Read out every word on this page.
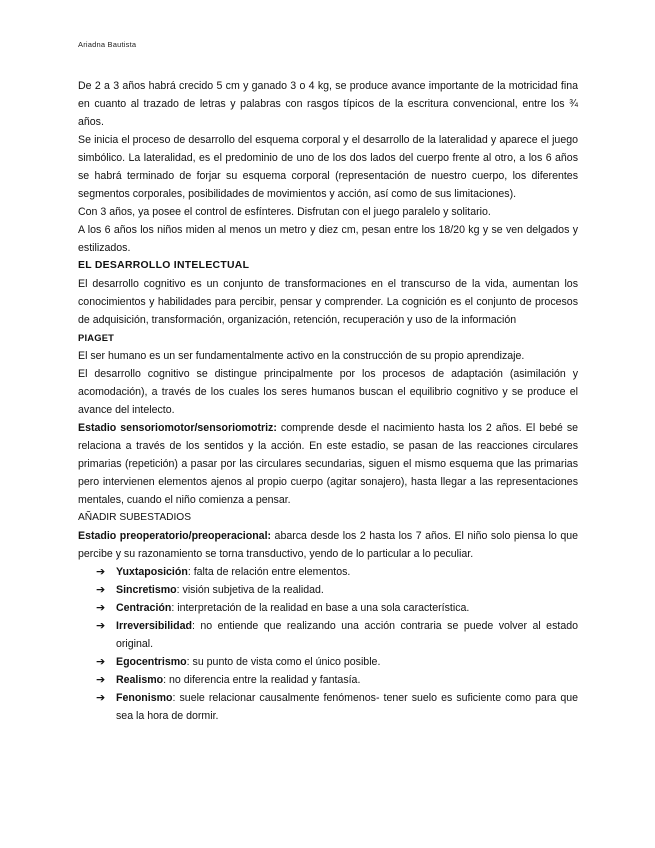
Ariadna Bautista

De 2 a 3 años habrá crecido 5 cm y ganado 3 o 4 kg, se produce avance importante de la motricidad fina en cuanto al trazado de letras y palabras con rasgos típicos de la escritura convencional, entre los ¾ años.

Se inicia el proceso de desarrollo del esquema corporal y el desarrollo de la lateralidad y aparece el juego simbólico. La lateralidad, es el predominio de uno de los dos lados del cuerpo frente al otro, a los 6 años se habrá terminado de forjar su esquema corporal (representación de nuestro cuerpo, los diferentes segmentos corporales, posibilidades de movimientos y acción, así como de sus limitaciones).

Con 3 años, ya posee el control de esfínteres. Disfrutan con el juego paralelo y solitario.

A los 6 años los niños miden al menos un metro y diez cm, pesan entre los 18/20 kg y se ven delgados y estilizados.

EL DESARROLLO INTELECTUAL

El desarrollo cognitivo es un conjunto de transformaciones en el transcurso de la vida, aumentan los conocimientos y habilidades para percibir, pensar y comprender. La cognición es el conjunto de procesos de adquisición, transformación, organización, retención, recuperación y uso de la información

PIAGET

El ser humano es un ser fundamentalmente activo en la construcción de su propio aprendizaje.

El desarrollo cognitivo se distingue principalmente por los procesos de adaptación (asimilación y acomodación), a través de los cuales los seres humanos buscan el equilibrio cognitivo y se produce el avance del intelecto.

Estadio sensoriomotor/sensoriomotriz: comprende desde el nacimiento hasta los 2 años. El bebé se relaciona a través de los sentidos y la acción. En este estadio, se pasan de las reacciones circulares primarias (repetición) a pasar por las circulares secundarias, siguen el mismo esquema que las primarias pero intervienen elementos ajenos al propio cuerpo (agitar sonajero), hasta llegar a las representaciones mentales, cuando el niño comienza a pensar.

AÑADIR SUBESTADIOS

Estadio preoperatorio/preoperacional: abarca desde los 2 hasta los 7 años. El niño solo piensa lo que percibe y su razonamiento se torna transductivo, yendo de lo particular a lo peculiar.

➔ Yuxtaposición: falta de relación entre elementos.
➔ Sincretismo: visión subjetiva de la realidad.
➔ Centración: interpretación de la realidad en base a una sola característica.
➔ Irreversibilidad: no entiende que realizando una acción contraria se puede volver al estado original.
➔ Egocentrismo: su punto de vista como el único posible.
➔ Realismo: no diferencia entre la realidad y fantasía.
➔ Fenonismo: suele relacionar causalmente fenómenos- tener suelo es suficiente como para que sea la hora de dormir.
